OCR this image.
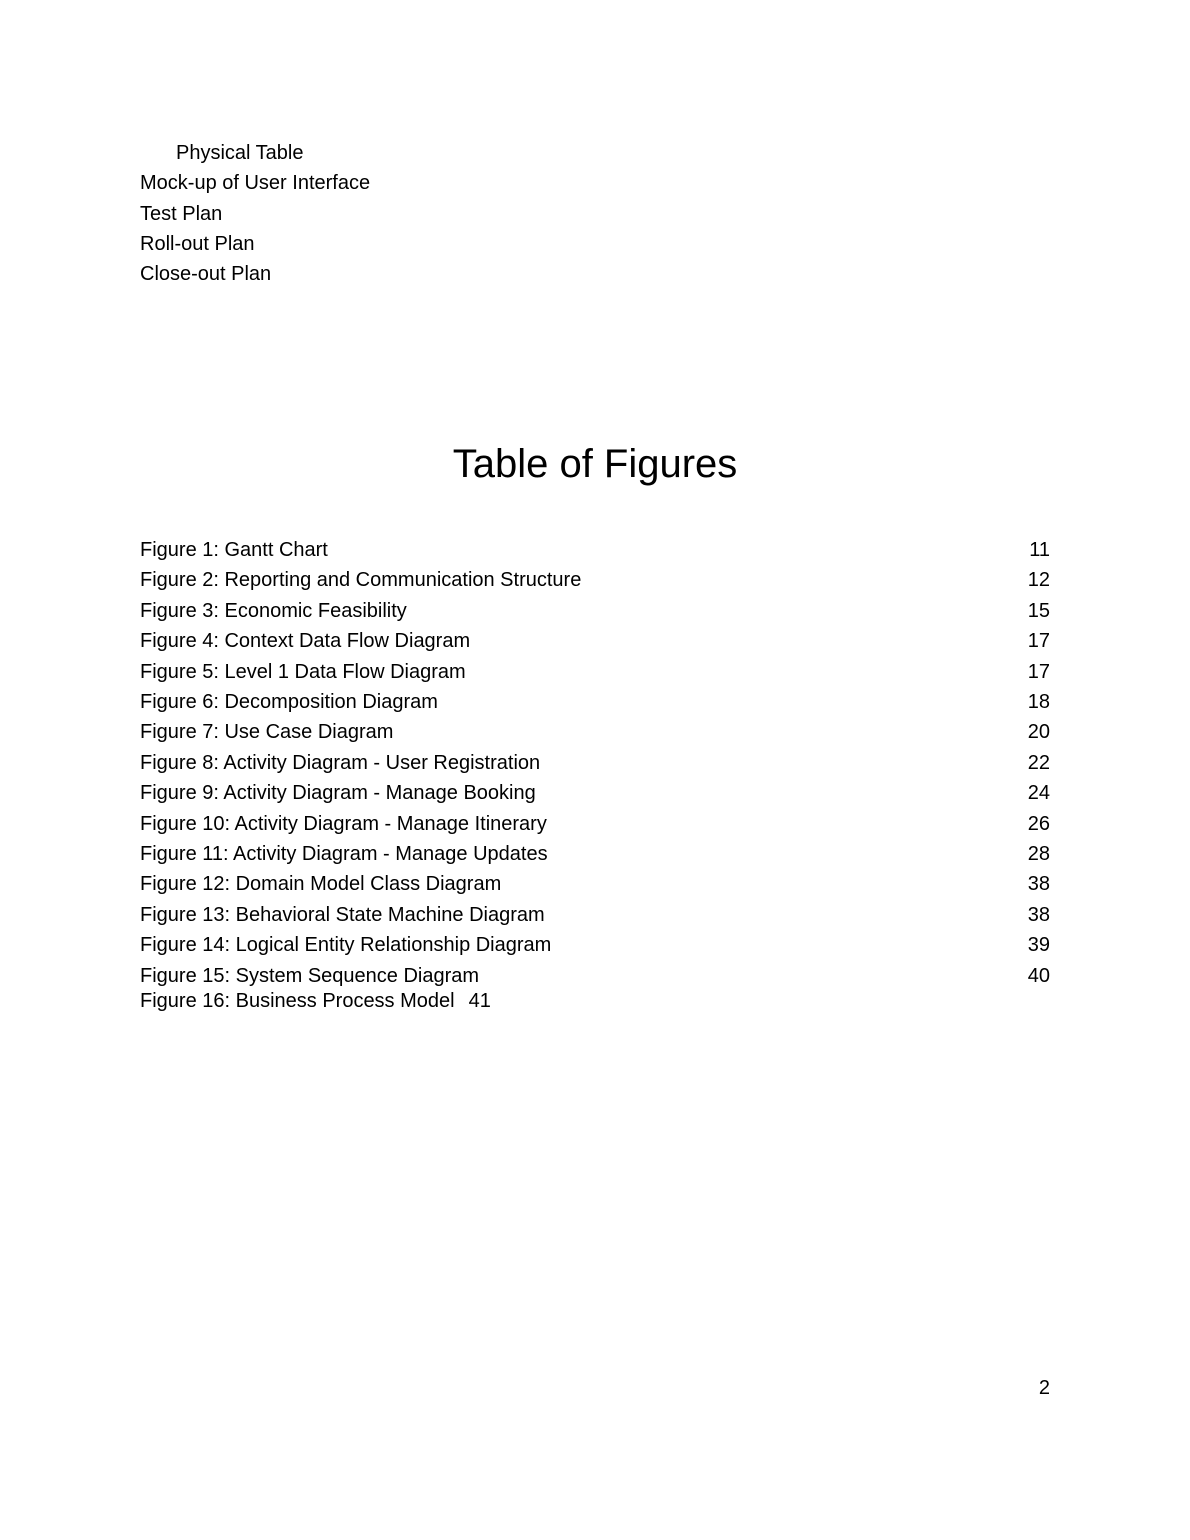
Physical Table
Mock-up of User Interface
Test Plan
Roll-out Plan
Close-out Plan
Table of Figures
Figure 1: Gantt Chart	11
Figure 2: Reporting and Communication Structure	12
Figure 3: Economic Feasibility	15
Figure 4: Context Data Flow Diagram	17
Figure 5: Level 1 Data Flow Diagram	17
Figure 6: Decomposition Diagram	18
Figure 7: Use Case Diagram	20
Figure 8: Activity Diagram - User Registration	22
Figure 9: Activity Diagram - Manage Booking	24
Figure 10: Activity Diagram - Manage Itinerary	26
Figure 11: Activity Diagram - Manage Updates	28
Figure 12: Domain Model Class Diagram	38
Figure 13: Behavioral State Machine Diagram	38
Figure 14: Logical Entity Relationship Diagram	39
Figure 15: System Sequence Diagram	40
Figure 16: Business Process Model 41
2
